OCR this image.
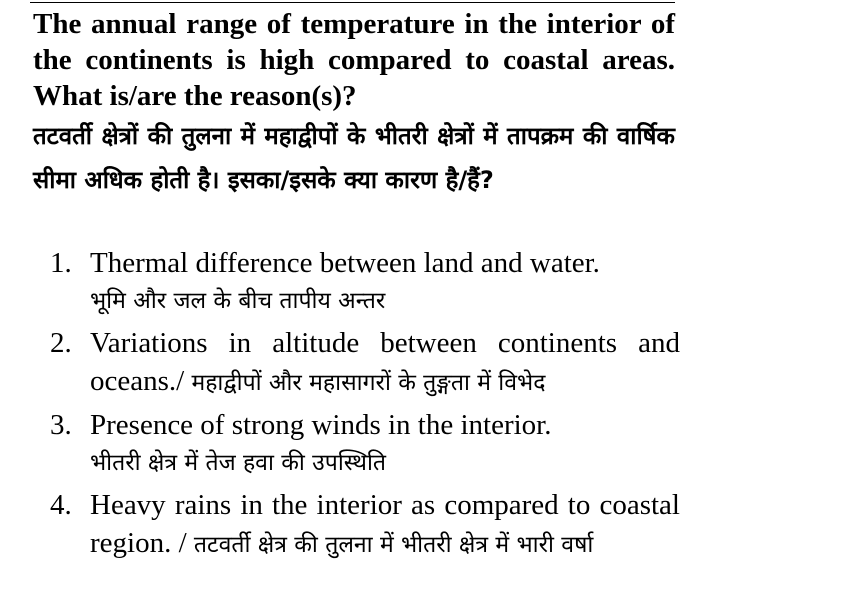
The annual range of temperature in the interior of the continents is high compared to coastal areas. What is/are the reason(s)?

तटवर्ती क्षेत्रों की तुलना में महाद्वीपों के भीतरी क्षेत्रों में तापक्रम की वार्षिक सीमा अधिक होती है। इसका/इसके क्या कारण है/हैं?

1. Thermal difference between land and water.
भूमि और जल के बीच तापीय अन्तर
2. Variations in altitude between continents and oceans./ महाद्वीपों और महासागरों के तुङ्गता में विभेद
3. Presence of strong winds in the interior.
भीतरी क्षेत्र में तेज हवा की उपस्थिति
4. Heavy rains in the interior as compared to coastal region. / तटवर्ती क्षेत्र की तुलना में भीतरी क्षेत्र में भारी वर्षा
